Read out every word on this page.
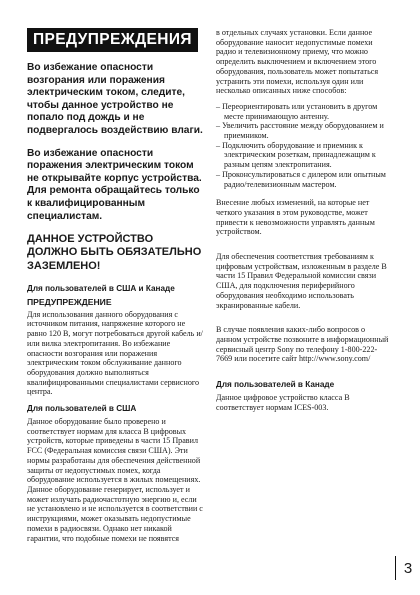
ПРЕДУПРЕЖДЕНИЯ

Во избежание опасности возгорания или поражения электрическим током, следите, чтобы данное устройство не попало под дождь и не подвергалось воздействию влаги.

Во избежание опасности поражения электрическим током не открывайте корпус устройства. Для ремонта обращайтесь только к квалифицированным специалистам.

ДАННОЕ УСТРОЙСТВО ДОЛЖНО БЫТЬ ОБЯЗАТЕЛЬНО ЗАЗЕМЛЕНО!

Для пользователей в США и Канаде

ПРЕДУПРЕЖДЕНИЕ

Для использования данного оборудования с источником питания, напряжение которого не равно 120 В, могут потребоваться другой кабель и/или вилка электропитания. Во избежание опасности возгорания или поражения электрическим током обслуживание данного оборудования должно выполняться квалифицированными специалистами сервисного центра.

Для пользователей в США

Данное оборудование было проверено и соответствует нормам для класса B цифровых устройств, которые приведены в части 15 Правил FCC (Федеральная комиссия связи США). Эти нормы разработаны для обеспечения действенной защиты от недопустимых помех, когда оборудование используется в жилых помещениях. Данное оборудование генерирует, использует и может излучать радиочастотную энергию и, если не установлено и не используется в соответствии с инструкциями, может оказывать недопустимые помехи в радиосвязи. Однако нет никакой гарантии, что подобные помехи не появятся

в отдельных случаях установки. Если данное оборудование наносит недопустимые помехи радио и телевизионному приему, что можно определить выключением и включением этого оборудования, пользователь может попытаться устранить эти помехи, используя один или несколько описанных ниже способов:

– Переориентировать или установить в другом месте принимающую антенну.
– Увеличить расстояние между оборудованием и приемником.
– Подключить оборудование и приемник к электрическим розеткам, принадлежащим к разным цепям электропитания.
– Проконсультироваться с дилером или опытным радио/телевизионным мастером.

Внесение любых изменений, на которые нет четкого указания в этом руководстве, может привести к невозможности управлять данным устройством.

Для обеспечения соответствия требованиям к цифровым устройствам, изложенным в разделе B части 15 Правил Федеральной комиссии связи США, для подключения периферийного оборудования необходимо использовать экранированные кабели.

В случае появления каких-либо вопросов о данном устройстве позвоните в информационный сервисный центр Sony по телефону 1-800-222-7669 или посетите сайт http://www.sony.com/

Для пользователей в Канаде

Данное цифровое устройство класса B соответствует нормам ICES-003.

3
